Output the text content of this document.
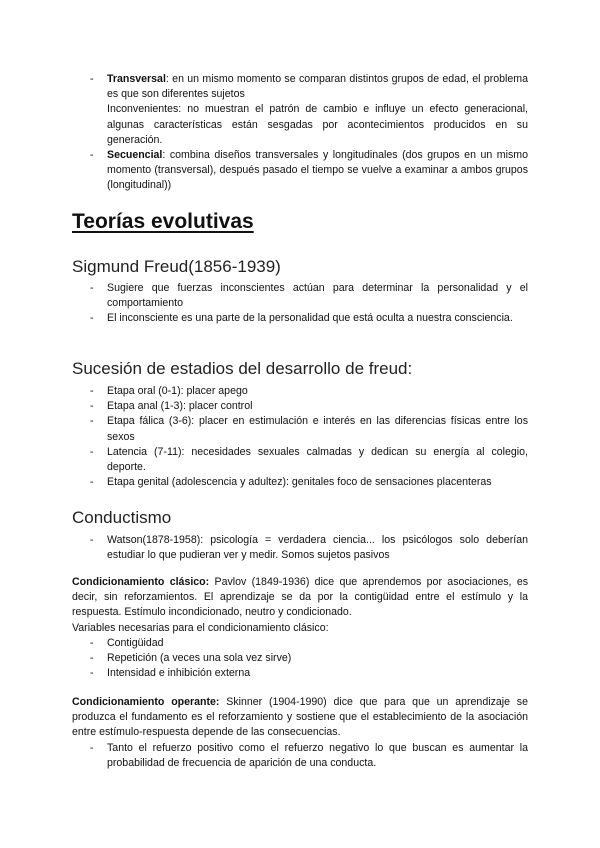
- Transversal: en un mismo momento se comparan distintos grupos de edad, el problema es que son diferentes sujetos
Inconvenientes: no muestran el patrón de cambio e influye un efecto generacional, algunas características están sesgadas por acontecimientos producidos en su generación.
- Secuencial: combina diseños transversales y longitudinales (dos grupos en un mismo momento (transversal), después pasado el tiempo se vuelve a examinar a ambos grupos (longitudinal))
Teorías evolutivas
Sigmund Freud(1856-1939)
- Sugiere que fuerzas inconscientes actúan para determinar la personalidad y el comportamiento
- El inconsciente es una parte de la personalidad que está oculta a nuestra consciencia.
Sucesión de estadios del desarrollo de freud:
- Etapa oral (0-1): placer apego
- Etapa anal (1-3): placer control
- Etapa fálica (3-6): placer en estimulación e interés en las diferencias físicas entre los sexos
- Latencia (7-11): necesidades sexuales calmadas y dedican su energía al colegio, deporte.
- Etapa genital (adolescencia y adultez): genitales foco de sensaciones placenteras
Conductismo
- Watson(1878-1958): psicología = verdadera ciencia... los psicólogos solo deberían estudiar lo que pudieran ver y medir. Somos sujetos pasivos

Condicionamiento clásico: Pavlov (1849-1936) dice que aprendemos por asociaciones, es decir, sin reforzamientos. El aprendizaje se da por la contigüidad entre el estímulo y la respuesta. Estímulo incondicionado, neutro y condicionado.

Variables necesarias para el condicionamiento clásico:

- Contigüidad
- Repetición (a veces una sola vez sirve)
- Intensidad e inhibición externa

Condicionamiento operante: Skinner (1904-1990) dice que para que un aprendizaje se produzca el fundamento es el reforzamiento y sostiene que el establecimiento de la asociación entre estímulo-respuesta depende de las consecuencias.

- Tanto el refuerzo positivo como el refuerzo negativo lo que buscan es aumentar la probabilidad de frecuencia de aparición de una conducta.
